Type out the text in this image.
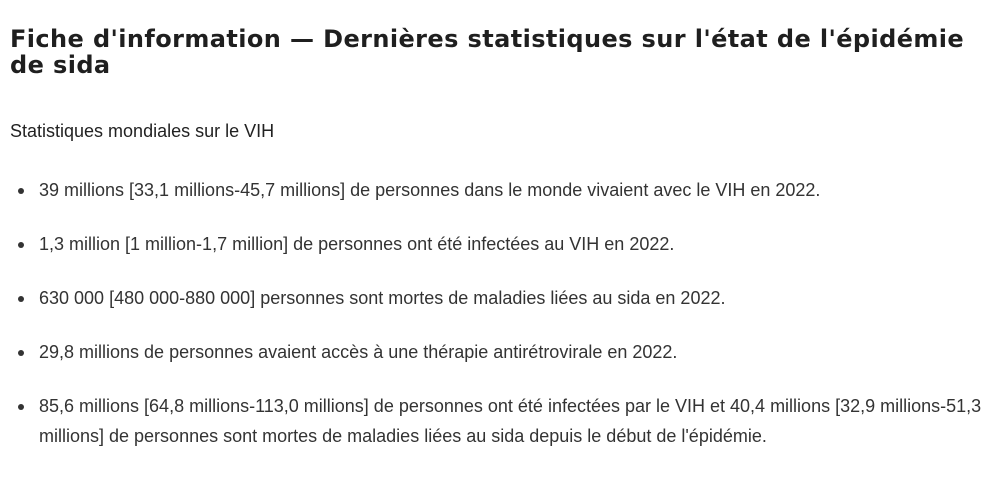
Fiche d'information — Dernières statistiques sur l'état de l'épidémie de sida

Statistiques mondiales sur le VIH

39 millions [33,1 millions-45,7 millions] de personnes dans le monde vivaient avec le VIH en 2022.
1,3 million [1 million-1,7 million] de personnes ont été infectées au VIH en 2022.
630 000 [480 000-880 000] personnes sont mortes de maladies liées au sida en 2022.
29,8 millions de personnes avaient accès à une thérapie antirétrovirale en 2022.
85,6 millions [64,8 millions-113,0 millions] de personnes ont été infectées par le VIH et 40,4 millions [32,9 millions-51,3 millions] de personnes sont mortes de maladies liées au sida depuis le début de l'épidémie.
